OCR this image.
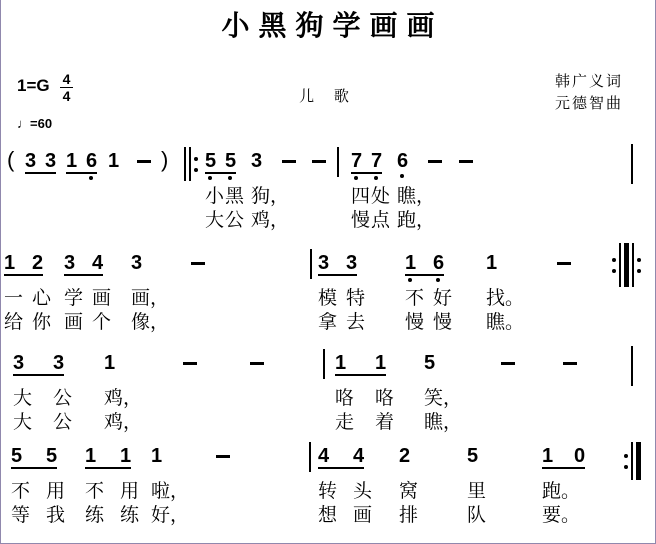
小黑狗学画画
1=G 4
4	儿 歌
韩广义词
元德智曲
♩=60
( 3 3 1 6 1 ) 5 5
小 黑
大 公
3
狗，
鸡，
7 7
四 处
慢 点
6
瞧，
跑，
1 2
一 心
给 你
3 4
学 画
画 个
3
画，
像，
3 3
模 特
拿 去
1 6
不 好
慢 慢
1
找。
瞧。
3	3
大	公
大	公
1
鸡，
鸡，
1	1
咯	咯
走	着
5
笑，
瞧，
5	5
不 用
等 我
1	1
不 用
练 练
1
啦，
好，
4	4
转 头
想 画
2
窝
排
5
里
队
1	0
跑。
要。
